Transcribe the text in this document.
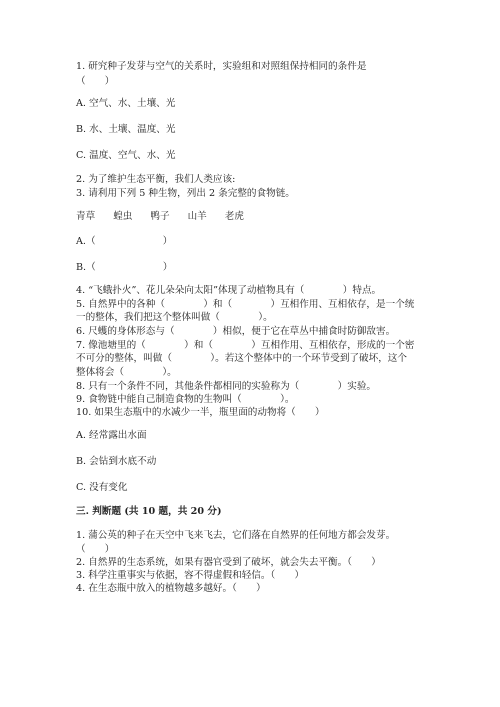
1. 研究种子发芽与空气的关系时，实验组和对照组保持相同的条件是
（　　）
A. 空气、水、土壤、光
B. 水、土壤、温度、光
C. 温度、空气、水、光
2. 为了维护生态平衡，我们人类应该:
3. 请利用下列 5 种生物，列出 2 条完整的食物链。
青草 蝗虫 鸭子 山羊 老虎
A.（　　　　　　　）
B.（　　　　　　　）
4. “飞蛾扑火”、花儿朵朵向太阳”体现了动植物具有（　　　　）特点。
5. 自然界中的各种（　　　　）和（　　　　）互相作用、互相依存，是一个统
一的整体，我们把这个整体叫做（　　　　）。
6. 尺蠖的身体形态与（　　　　）相似，便于它在草丛中捕食时防御敌害。
7. 像池塘里的（　　　　）和（　　　　）互相作用、互相依存，形成的一个密
不可分的整体，叫做（　　　　）。若这个整体中的一个环节受到了破坏，这个
整体将会（　　　　）。
8. 只有一个条件不同，其他条件都相同的实验称为（　　　　）实验。
9. 食物链中能自己制造食物的生物叫（　　　　）。
10. 如果生态瓶中的水减少一半，瓶里面的动物将（　　）
A. 经常露出水面
B. 会钻到水底不动
C. 没有变化
三. 判断题 (共 10 题，共 20 分)
1. 蒲公英的种子在天空中飞来飞去，它们落在自然界的任何地方都会发芽。
（　　）
2. 自然界的生态系统，如果有器官受到了破坏，就会失去平衡。（　　）
3. 科学注重事实与依据，容不得虚假和轻信。（　　）
4. 在生态瓶中放入的植物越多越好。（　　）
